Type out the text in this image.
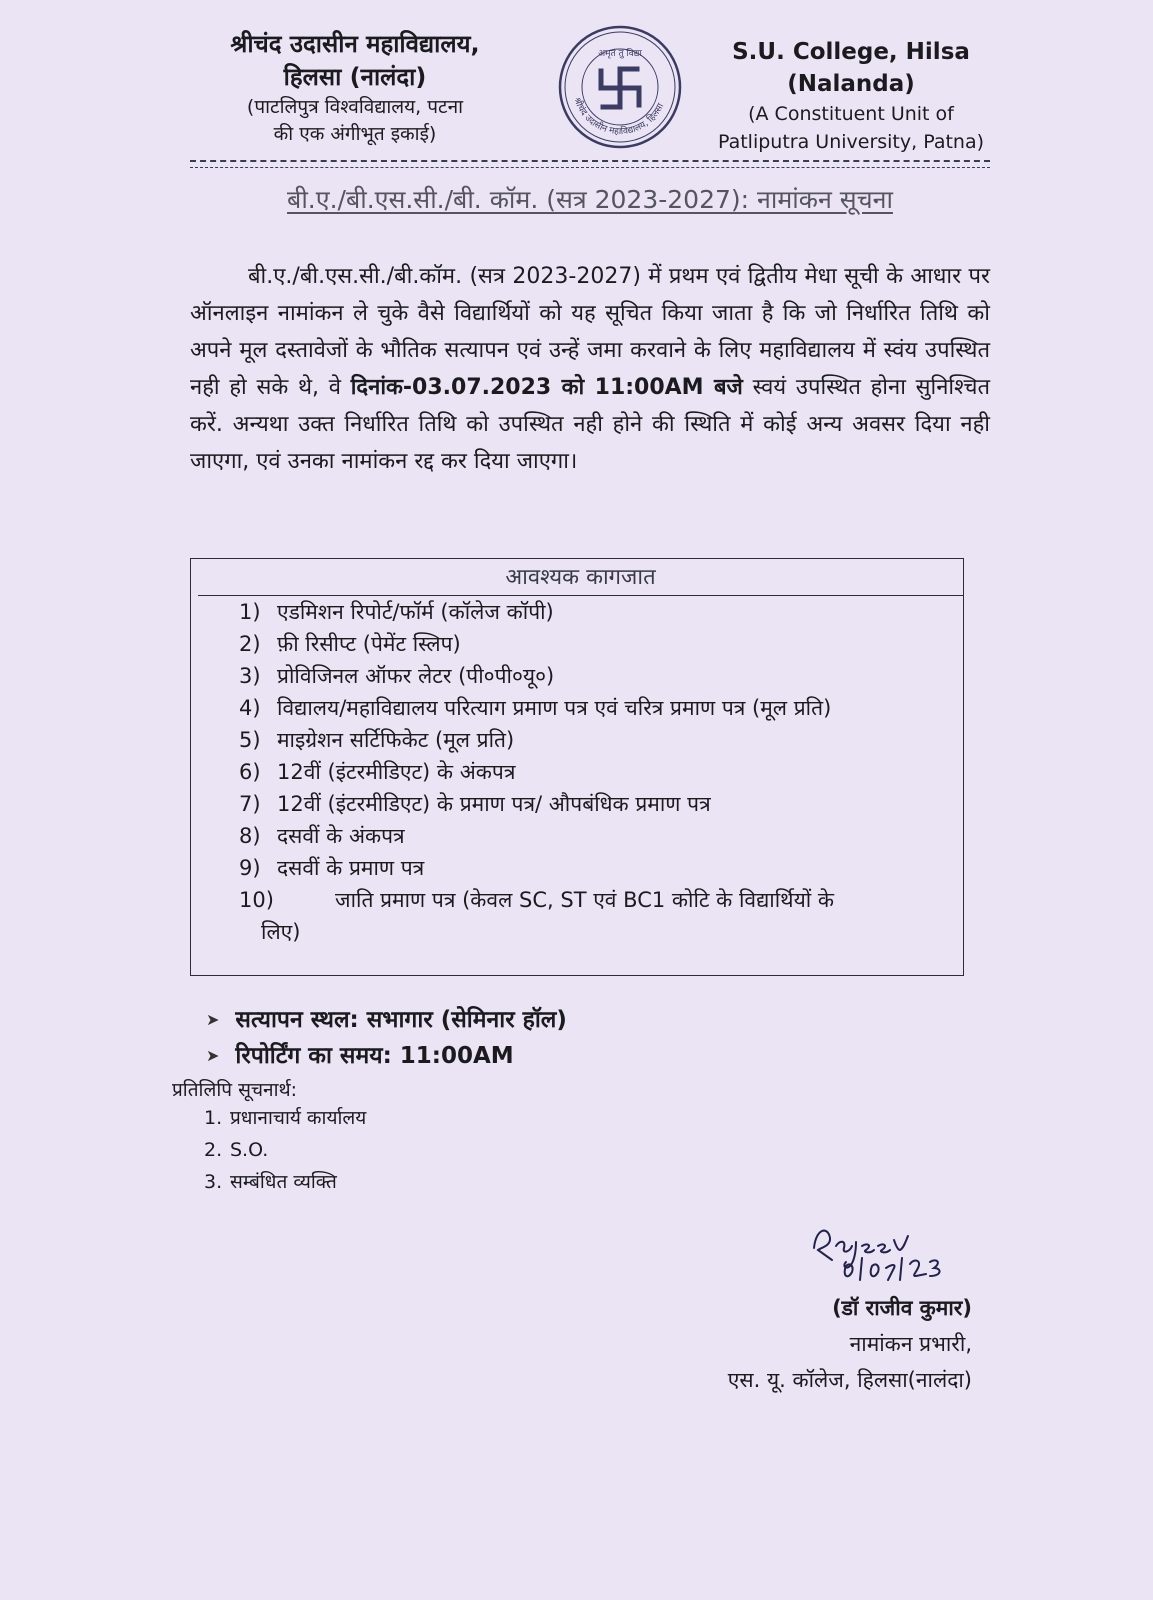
श्रीचंद उदासीन महाविद्यालय,
हिलसा (नालंदा)
(पाटलिपुत्र विश्वविद्यालय, पटना
की एक अंगीभूत इकाई)
श्रीचंद उदासीन महाविद्यालय, हिलसा
अमृतं तु विद्या	S.U. College, Hilsa
(Nalanda)
(A Constituent Unit of
Patliputra University, Patna)
बी.ए./बी.एस.सी./बी. कॉम. (सत्र 2023-2027): नामांकन सूचना

बी.ए./बी.एस.सी./बी.कॉम. (सत्र 2023-2027) में प्रथम एवं द्वितीय मेधा सूची के आधार पर ऑनलाइन नामांकन ले चुके वैसे विद्यार्थियों को यह सूचित किया जाता है कि जो निर्धारित तिथि को अपने मूल दस्तावेजों के भौतिक सत्यापन एवं उन्हें जमा करवाने के लिए महाविद्यालय में स्वंय उपस्थित नही हो सके थे, वे दिनांक-03.07.2023 को 11:00AM बजे स्वयं उपस्थित होना सुनिश्चित करें. अन्यथा उक्त निर्धारित तिथि को उपस्थित नही होने की स्थिति में कोई अन्य अवसर दिया नही जाएगा, एवं उनका नामांकन रद्द कर दिया जाएगा।

आवश्यक कागजात
1) एडमिशन रिपोर्ट/फॉर्म (कॉलेज कॉपी)
2) फ़ी रिसीप्ट (पेमेंट स्लिप)
3) प्रोविजिनल ऑफर लेटर (पी०पी०यू०)
4) विद्यालय/महाविद्यालय परित्याग प्रमाण पत्र एवं चरित्र प्रमाण पत्र (मूल प्रति)
5) माइग्रेशन सर्टिफिकेट (मूल प्रति)
6) 12वीं (इंटरमीडिएट) के अंकपत्र
7) 12वीं (इंटरमीडिएट) के प्रमाण पत्र/ औपबंधिक प्रमाण पत्र
8) दसवीं के अंकपत्र
9) दसवीं के प्रमाण पत्र
10)	जाति प्रमाण पत्र (केवल SC, ST एवं BC1 कोटि के विद्यार्थियों के
लिए)
➤ सत्यापन स्थल: सभागार (सेमिनार हॉल)
➤ रिपोर्टिंग का समय: 11:00AM
प्रतिलिपि सूचनार्थ:
1. प्रधानाचार्य कार्यालय
2. S.O.
3. सम्बंधित व्यक्ति
(डॉ राजीव कुमार)
नामांकन प्रभारी,
एस. यू. कॉलेज, हिलसा(नालंदा)
